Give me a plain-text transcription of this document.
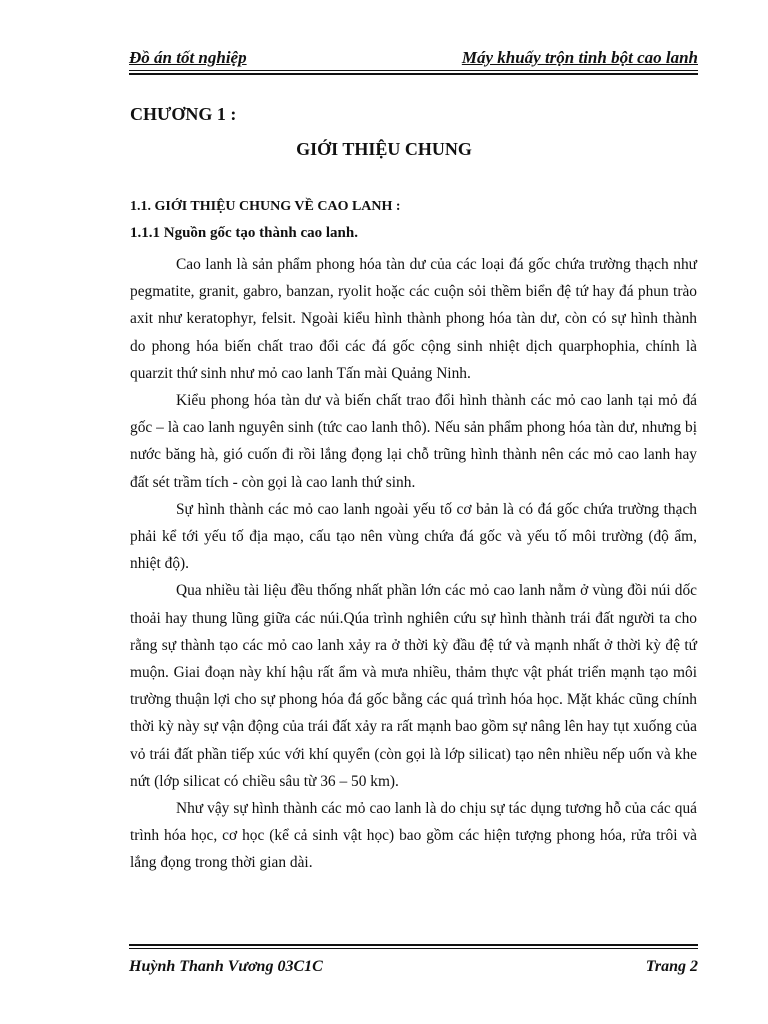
Đồ án tốt nghiệp	Máy khuấy trộn tinh bột cao lanh
CHƯƠNG 1 :
GIỚI THIỆU CHUNG
1.1. GIỚI THIỆU CHUNG VỀ CAO LANH :
1.1.1 Nguồn gốc tạo thành cao lanh.

Cao lanh là sản phẩm phong hóa tàn dư của các loại đá gốc chứa trường thạch như pegmatite, granit, gabro, banzan, ryolit hoặc các cuộn sỏi thềm biển đệ tứ hay đá phun trào axit như keratophyr, felsit. Ngoài kiểu hình thành phong hóa tàn dư, còn có sự hình thành do phong hóa biến chất trao đổi các đá gốc cộng sinh nhiệt dịch quarphophia, chính là quarzit thứ sinh như mỏ cao lanh Tấn mài Quảng Ninh.

Kiểu phong hóa tàn dư và biến chất trao đổi hình thành các mỏ cao lanh tại mỏ đá gốc – là cao lanh nguyên sinh (tức cao lanh thô). Nếu sản phẩm phong hóa tàn dư, nhưng bị nước băng hà, gió cuốn đi rồi lắng đọng lại chỗ trũng hình thành nên các mỏ cao lanh hay đất sét trầm tích - còn gọi là cao lanh thứ sinh.

Sự hình thành các mỏ cao lanh ngoài yếu tố cơ bản là có đá gốc chứa trường thạch phải kể tới yếu tố địa mạo, cấu tạo nên vùng chứa đá gốc và yếu tố môi trường (độ ẩm, nhiệt độ).

Qua nhiều tài liệu đều thống nhất phần lớn các mỏ cao lanh nằm ở vùng đồi núi dốc thoải hay thung lũng giữa các núi.Qúa trình nghiên cứu sự hình thành trái đất người ta cho rằng sự thành tạo các mỏ cao lanh xảy ra ở thời kỳ đầu đệ tứ và mạnh nhất ở thời kỳ đệ tứ muộn. Giai đoạn này khí hậu rất ẩm và mưa nhiều, thảm thực vật phát triển mạnh tạo môi trường thuận lợi cho sự phong hóa đá gốc bằng các quá trình hóa học. Mặt khác cũng chính thời kỳ này sự vận động của trái đất xảy ra rất mạnh bao gồm sự nâng lên hay tụt xuống của vỏ trái đất phần tiếp xúc với khí quyển (còn gọi là lớp silicat) tạo nên nhiều nếp uốn và khe nứt (lớp silicat có chiều sâu từ 36 – 50 km).

Như vậy sự hình thành các mỏ cao lanh là do chịu sự tác dụng tương hỗ của các quá trình hóa học, cơ học (kể cả sinh vật học) bao gồm các hiện tượng phong hóa, rửa trôi và lắng đọng trong thời gian dài.

Huỳnh Thanh Vương 03C1C	Trang 2
